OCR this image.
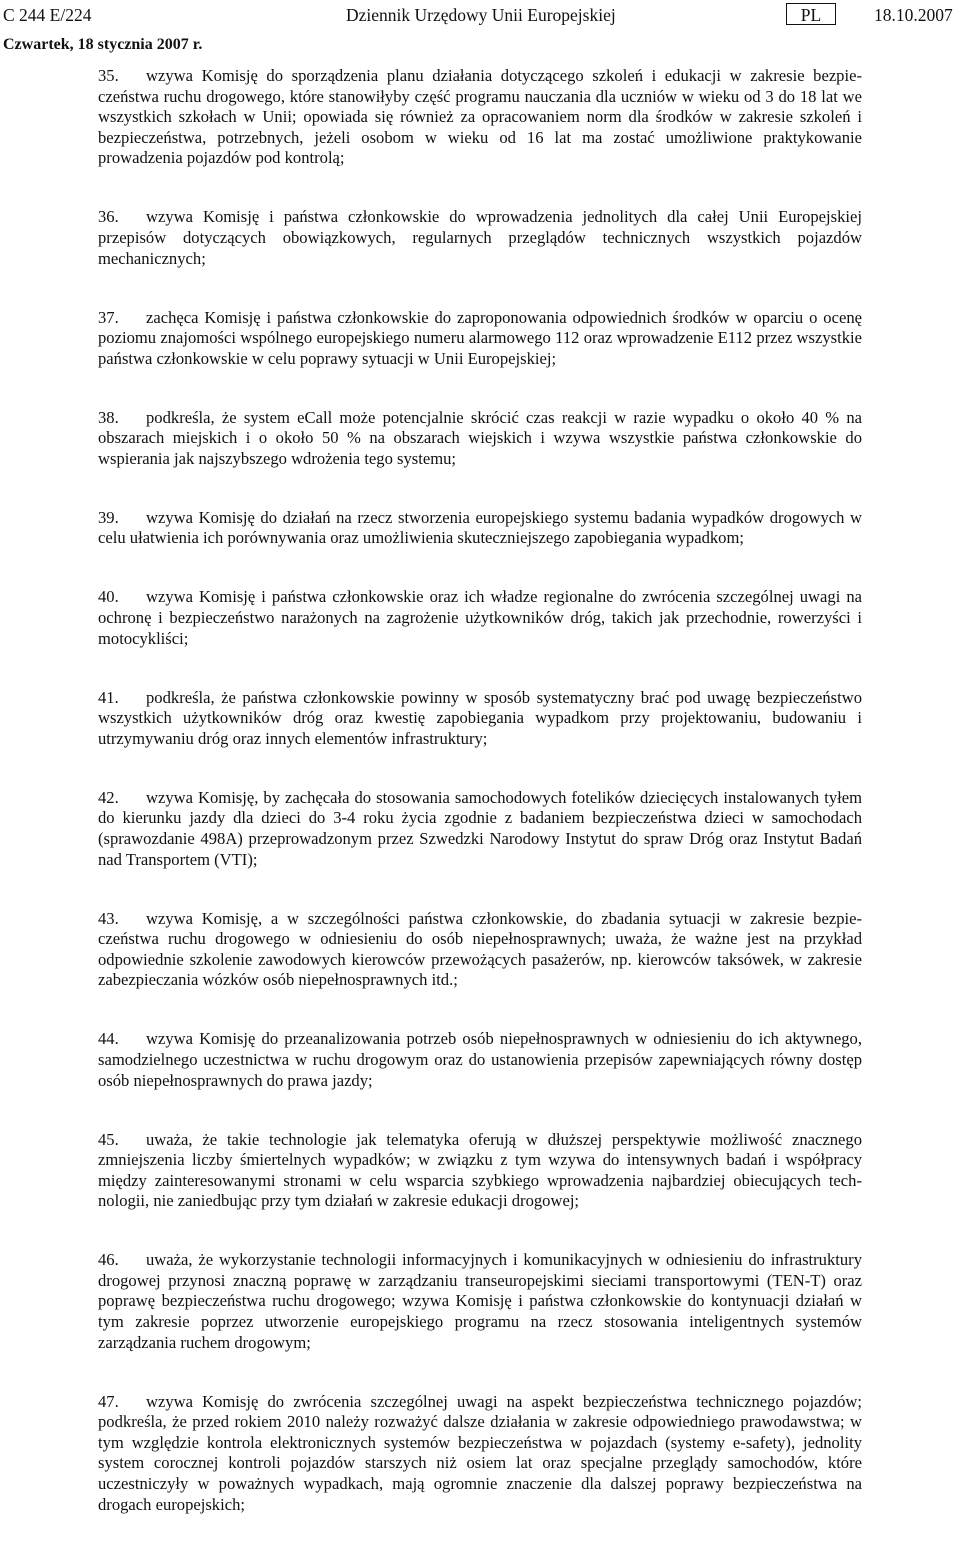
C 244 E/224	Dziennik Urzędowy Unii Europejskiej	PL	18.10.2007
Czwartek, 18 stycznia 2007 r.

35. wzywa Komisję do sporządzenia planu działania dotyczącego szkoleń i edukacji w zakresie bezpieczeństwa ruchu drogowego, które stanowiłyby część programu nauczania dla uczniów w wieku od 3 do 18 lat we wszystkich szkołach w Unii; opowiada się również za opracowaniem norm dla środków w zakresie szkoleń i bezpieczeństwa, potrzebnych, jeżeli osobom w wieku od 16 lat ma zostać umożliwione praktykowanie prowadzenia pojazdów pod kontrolą;

36. wzywa Komisję i państwa członkowskie do wprowadzenia jednolitych dla całej Unii Europejskiej przepisów dotyczących obowiązkowych, regularnych przeglądów technicznych wszystkich pojazdów mechanicznych;

37. zachęca Komisję i państwa członkowskie do zaproponowania odpowiednich środków w oparciu o ocenę poziomu znajomości wspólnego europejskiego numeru alarmowego 112 oraz wprowadzenie E112 przez wszystkie państwa członkowskie w celu poprawy sytuacji w Unii Europejskiej;

38. podkreśla, że system eCall może potencjalnie skrócić czas reakcji w razie wypadku o około 40 % na obszarach miejskich i o około 50 % na obszarach wiejskich i wzywa wszystkie państwa członkowskie do wspierania jak najszybszego wdrożenia tego systemu;

39. wzywa Komisję do działań na rzecz stworzenia europejskiego systemu badania wypadków drogowych w celu ułatwienia ich porównywania oraz umożliwienia skuteczniejszego zapobiegania wypadkom;

40. wzywa Komisję i państwa członkowskie oraz ich władze regionalne do zwrócenia szczególnej uwagi na ochronę i bezpieczeństwo narażonych na zagrożenie użytkowników dróg, takich jak przechodnie, rowerzyści i motocykliści;

41. podkreśla, że państwa członkowskie powinny w sposób systematyczny brać pod uwagę bezpieczeństwo wszystkich użytkowników dróg oraz kwestię zapobiegania wypadkom przy projektowaniu, budowaniu i utrzymywaniu dróg oraz innych elementów infrastruktury;

42. wzywa Komisję, by zachęcała do stosowania samochodowych fotelików dziecięcych instalowanych tyłem do kierunku jazdy dla dzieci do 3-4 roku życia zgodnie z badaniem bezpieczeństwa dzieci w samochodach (sprawozdanie 498A) przeprowadzonym przez Szwedzki Narodowy Instytut do spraw Dróg oraz Instytut Badań nad Transportem (VTI);

43. wzywa Komisję, a w szczególności państwa członkowskie, do zbadania sytuacji w zakresie bezpieczeństwa ruchu drogowego w odniesieniu do osób niepełnosprawnych; uważa, że ważne jest na przykład odpowiednie szkolenie zawodowych kierowców przewożących pasażerów, np. kierowców taksówek, w zakresie zabezpieczania wózków osób niepełnosprawnych itd.;

44. wzywa Komisję do przeanalizowania potrzeb osób niepełnosprawnych w odniesieniu do ich aktywnego, samodzielnego uczestnictwa w ruchu drogowym oraz do ustanowienia przepisów zapewniających równy dostęp osób niepełnosprawnych do prawa jazdy;

45. uważa, że takie technologie jak telematyka oferują w dłuższej perspektywie możliwość znacznego zmniejszenia liczby śmiertelnych wypadków; w związku z tym wzywa do intensywnych badań i współpracy między zainteresowanymi stronami w celu wsparcia szybkiego wprowadzenia najbardziej obiecujących technologii, nie zaniedbując przy tym działań w zakresie edukacji drogowej;

46. uważa, że wykorzystanie technologii informacyjnych i komunikacyjnych w odniesieniu do infrastruktury drogowej przynosi znaczną poprawę w zarządzaniu transeuropejskimi sieciami transportowymi (TEN-T) oraz poprawę bezpieczeństwa ruchu drogowego; wzywa Komisję i państwa członkowskie do kontynuacji działań w tym zakresie poprzez utworzenie europejskiego programu na rzecz stosowania inteligentnych systemów zarządzania ruchem drogowym;

47. wzywa Komisję do zwrócenia szczególnej uwagi na aspekt bezpieczeństwa technicznego pojazdów; podkreśla, że przed rokiem 2010 należy rozważyć dalsze działania w zakresie odpowiedniego prawodawstwa; w tym względzie kontrola elektronicznych systemów bezpieczeństwa w pojazdach (systemy e-safety), jednolity system corocznej kontroli pojazdów starszych niż osiem lat oraz specjalne przeglądy samochodów, które uczestniczyły w poważnych wypadkach, mają ogromnie znaczenie dla dalszej poprawy bezpieczeństwa na drogach europejskich;
